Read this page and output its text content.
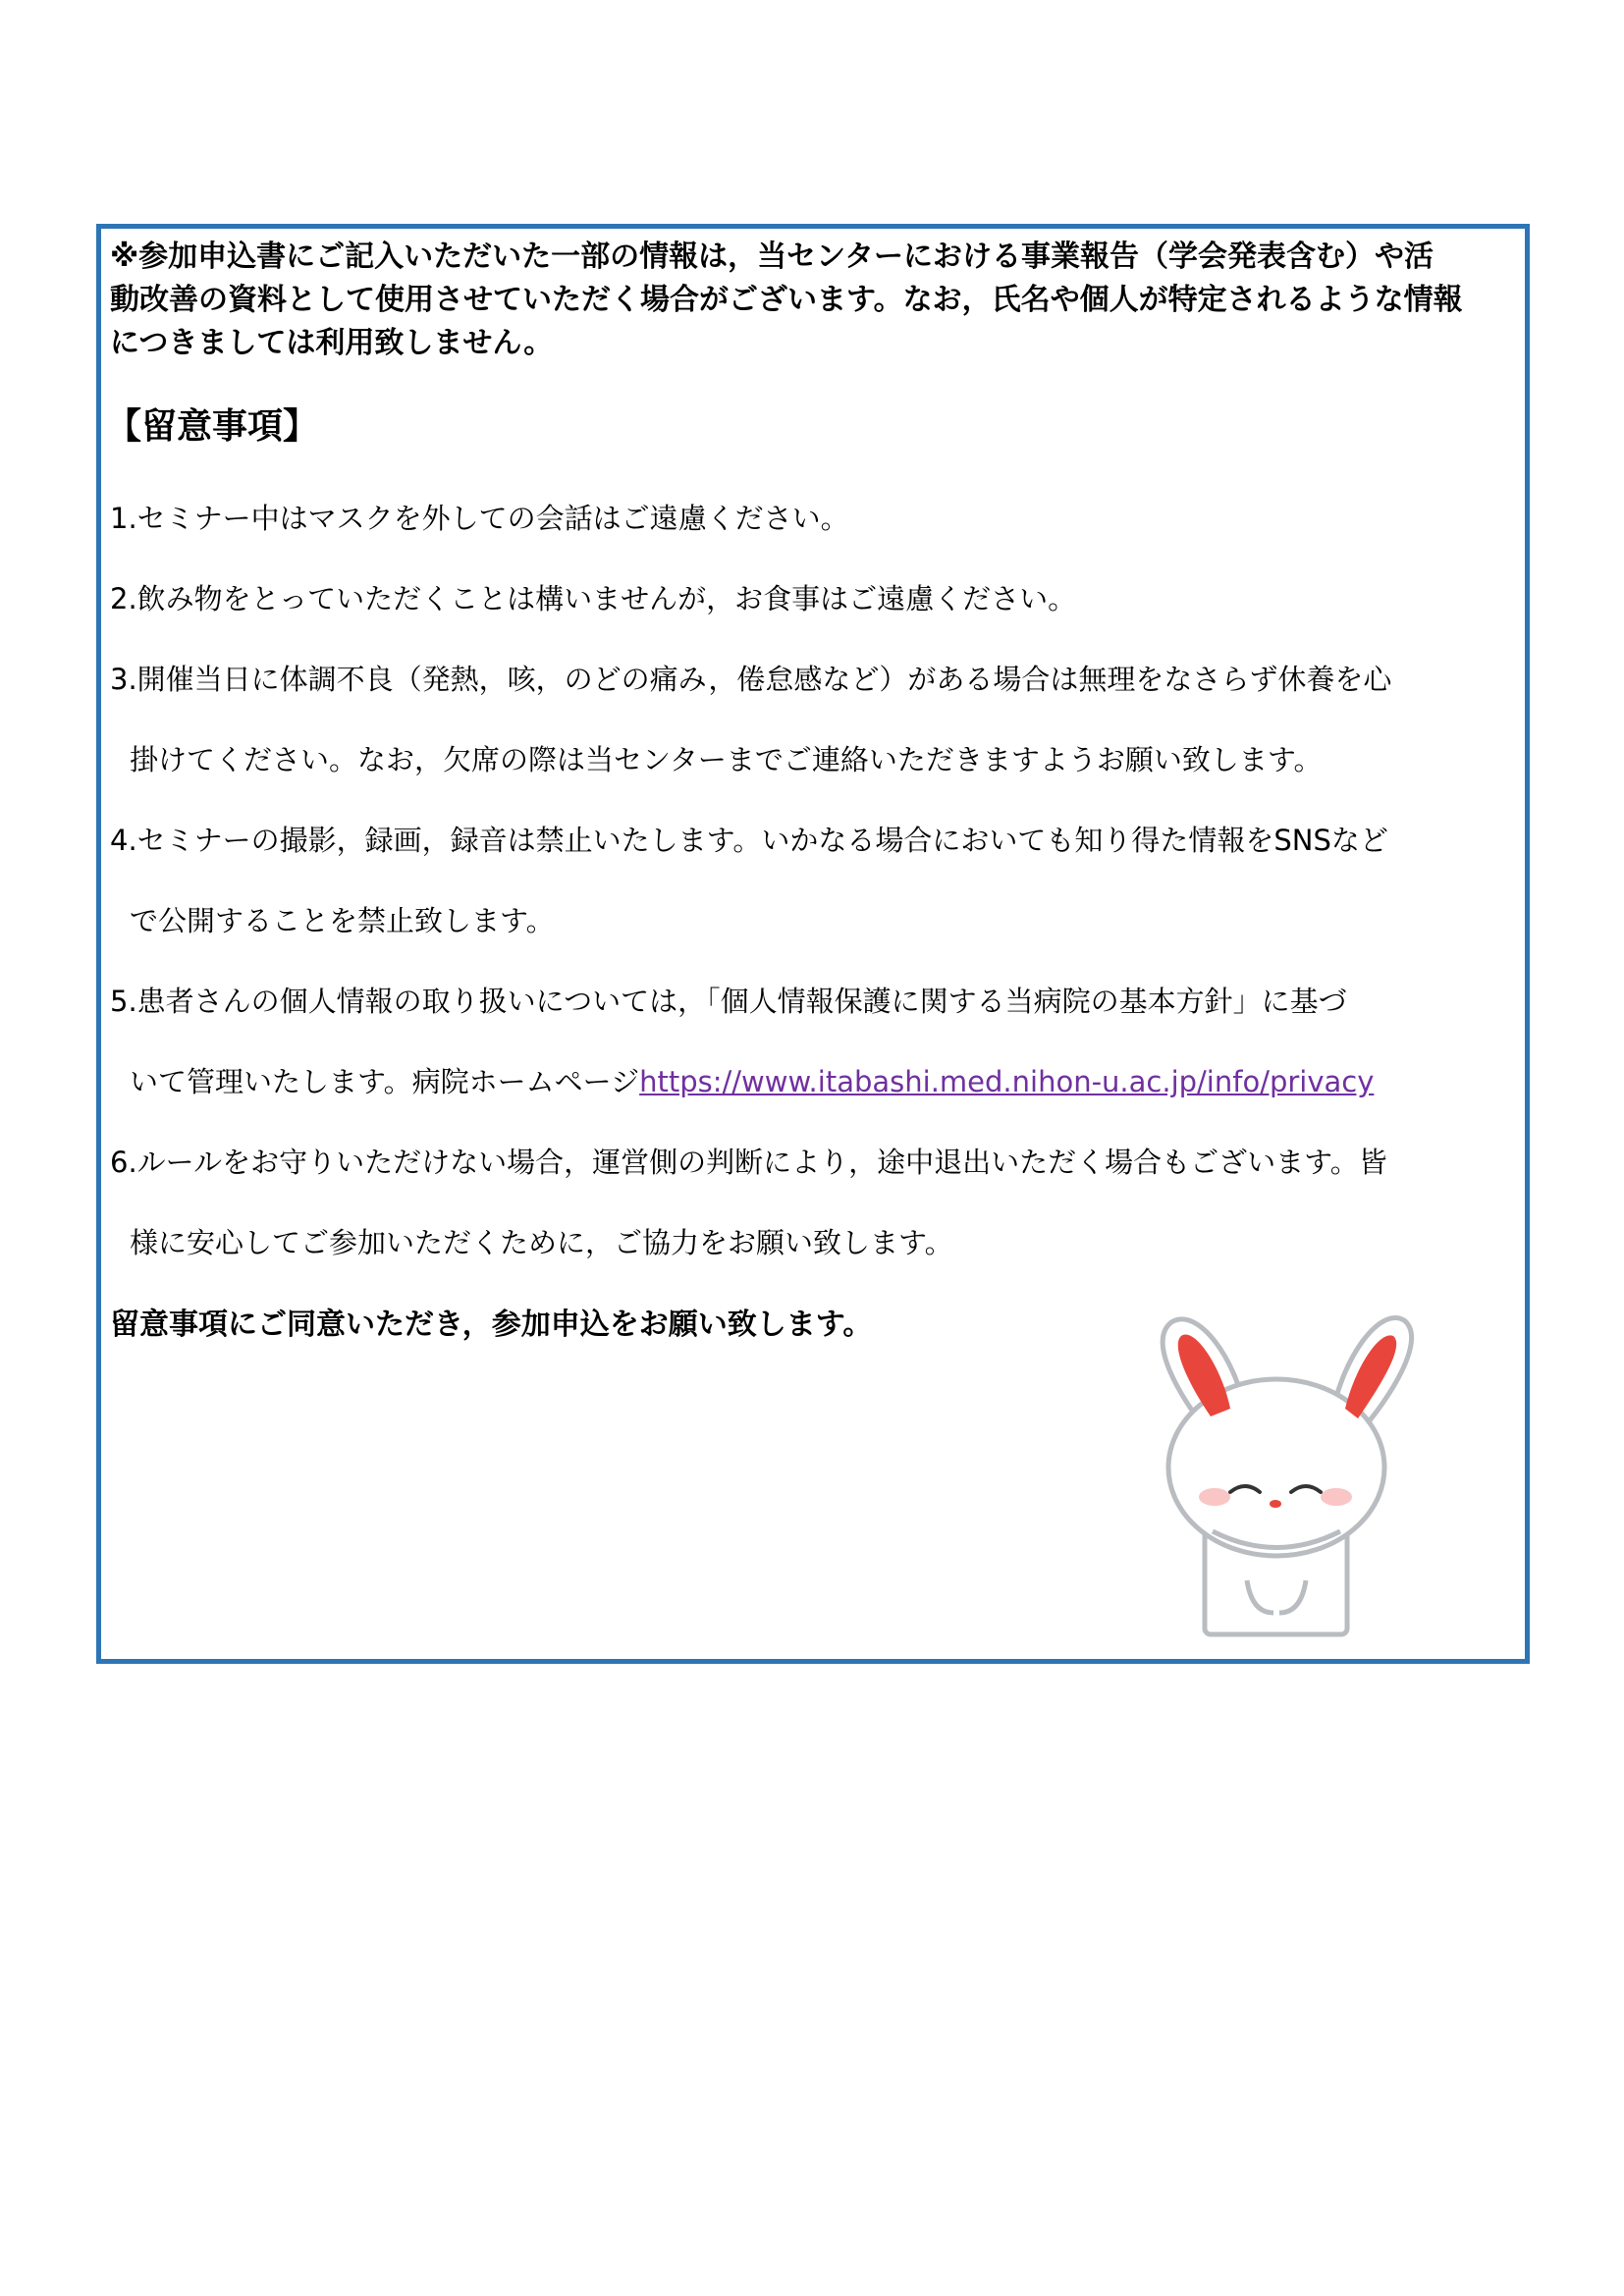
※参加申込書にご記入いただいた一部の情報は，当センターにおける事業報告（学会発表含む）や活
動改善の資料として使用させていただく場合がございます。なお，氏名や個人が特定されるような情報
につきましては利用致しません。
【留意事項】
1.セミナー中はマスクを外しての会話はご遠慮ください。
2.飲み物をとっていただくことは構いませんが，お食事はご遠慮ください。
3.開催当日に体調不良（発熱，咳，のどの痛み，倦怠感など）がある場合は無理をなさらず休養を心
掛けてください。なお，欠席の際は当センターまでご連絡いただきますようお願い致します。
4.セミナーの撮影，録画，録音は禁止いたします。いかなる場合においても知り得た情報をSNSなど
で公開することを禁止致します。
5.患者さんの個人情報の取り扱いについては，「個人情報保護に関する当病院の基本方針」に基づ
いて管理いたします。病院ホームページhttps://www.itabashi.med.nihon-u.ac.jp/info/privacy
6.ルールをお守りいただけない場合，運営側の判断により，途中退出いただく場合もございます。皆
様に安心してご参加いただくために，ご協力をお願い致します。
留意事項にご同意いただき，参加申込をお願い致します。
